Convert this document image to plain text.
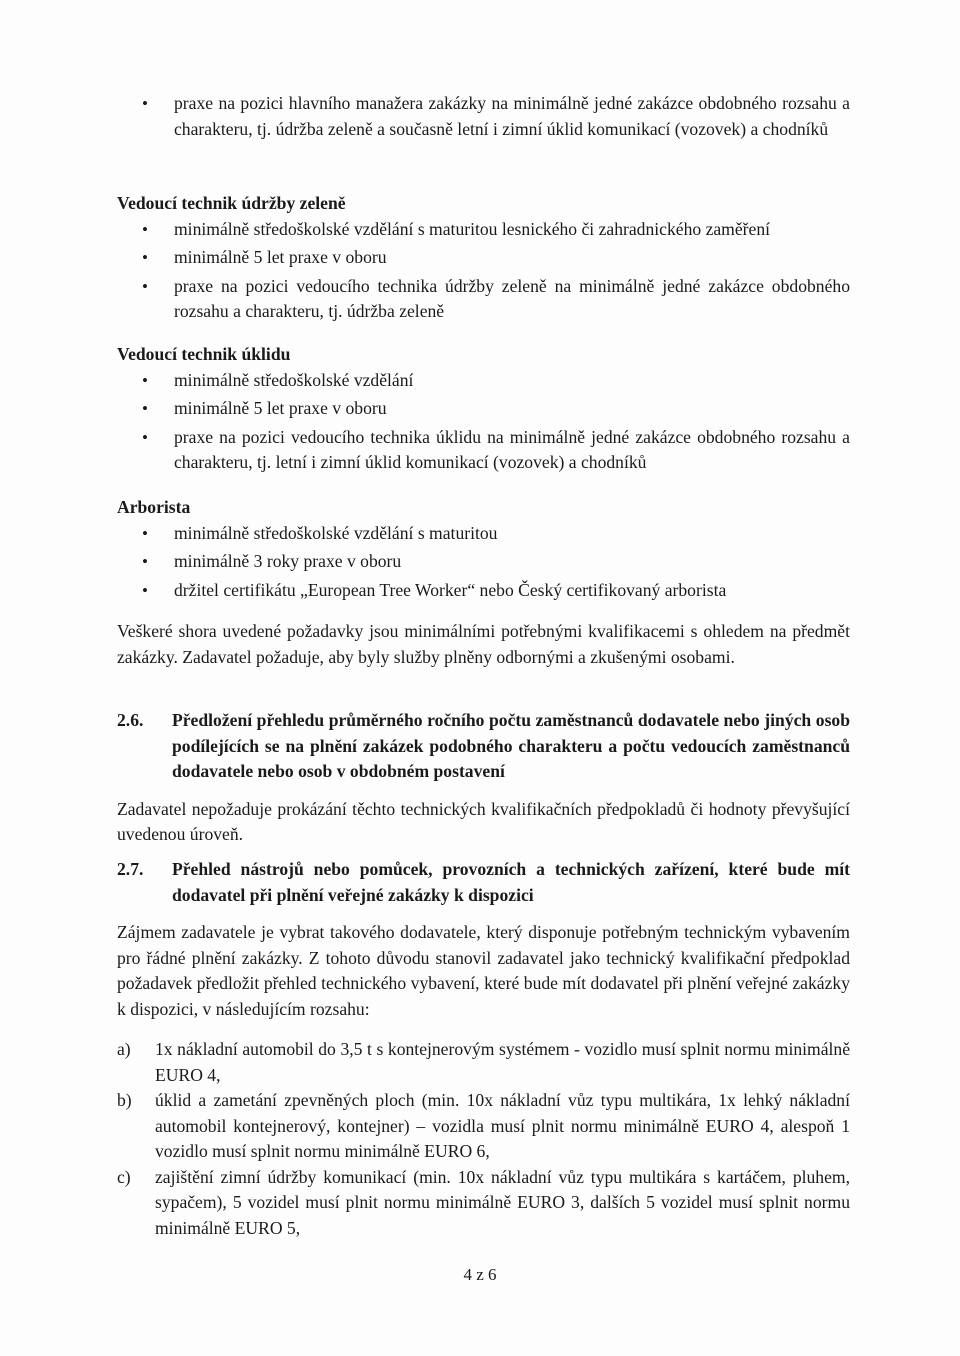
• praxe na pozici hlavního manažera zakázky na minimálně jedné zakázce obdobného rozsahu a charakteru, tj. údržba zeleně a současně letní i zimní úklid komunikací (vozovek) a chodníků

Vedoucí technik údržby zeleně

• minimálně středoškolské vzdělání s maturitou lesnického či zahradnického zaměření
• minimálně 5 let praxe v oboru
• praxe na pozici vedoucího technika údržby zeleně na minimálně jedné zakázce obdobného rozsahu a charakteru, tj. údržba zeleně

Vedoucí technik úklidu

• minimálně středoškolské vzdělání
• minimálně 5 let praxe v oboru
• praxe na pozici vedoucího technika úklidu na minimálně jedné zakázce obdobného rozsahu a charakteru, tj. letní i zimní úklid komunikací (vozovek) a chodníků

Arborista

• minimálně středoškolské vzdělání s maturitou
• minimálně 3 roky praxe v oboru
• držitel certifikátu „European Tree Worker“ nebo Český certifikovaný arborista

Veškeré shora uvedené požadavky jsou minimálními potřebnými kvalifikacemi s ohledem na předmět zakázky. Zadavatel požaduje, aby byly služby plněny odbornými a zkušenými osobami.

2.6. Předložení přehledu průměrného ročního počtu zaměstnanců dodavatele nebo jiných osob podílejících se na plnění zakázek podobného charakteru a počtu vedoucích zaměstnanců dodavatele nebo osob v obdobném postavení

Zadavatel nepožaduje prokázání těchto technických kvalifikačních předpokladů či hodnoty převyšující uvedenou úroveň.

2.7. Přehled nástrojů nebo pomůcek, provozních a technických zařízení, které bude mít dodavatel při plnění veřejné zakázky k dispozici

Zájmem zadavatele je vybrat takového dodavatele, který disponuje potřebným technickým vybavením pro řádné plnění zakázky. Z tohoto důvodu stanovil zadavatel jako technický kvalifikační předpoklad požadavek předložit přehled technického vybavení, které bude mít dodavatel při plnění veřejné zakázky k dispozici, v následujícím rozsahu:

a) 1x nákladní automobil do 3,5 t s kontejnerovým systémem - vozidlo musí splnit normu minimálně EURO 4,
b) úklid a zametání zpevněných ploch (min. 10x nákladní vůz typu multikára, 1x lehký nákladní automobil kontejnerový, kontejner) – vozidla musí plnit normu minimálně EURO 4, alespoň 1 vozidlo musí splnit normu minimálně EURO 6,
c) zajištění zimní údržby komunikací (min. 10x nákladní vůz typu multikára s kartáčem, pluhem, sypačem), 5 vozidel musí plnit normu minimálně EURO 3, dalších 5 vozidel musí splnit normu minimálně EURO 5,
4 z 6
